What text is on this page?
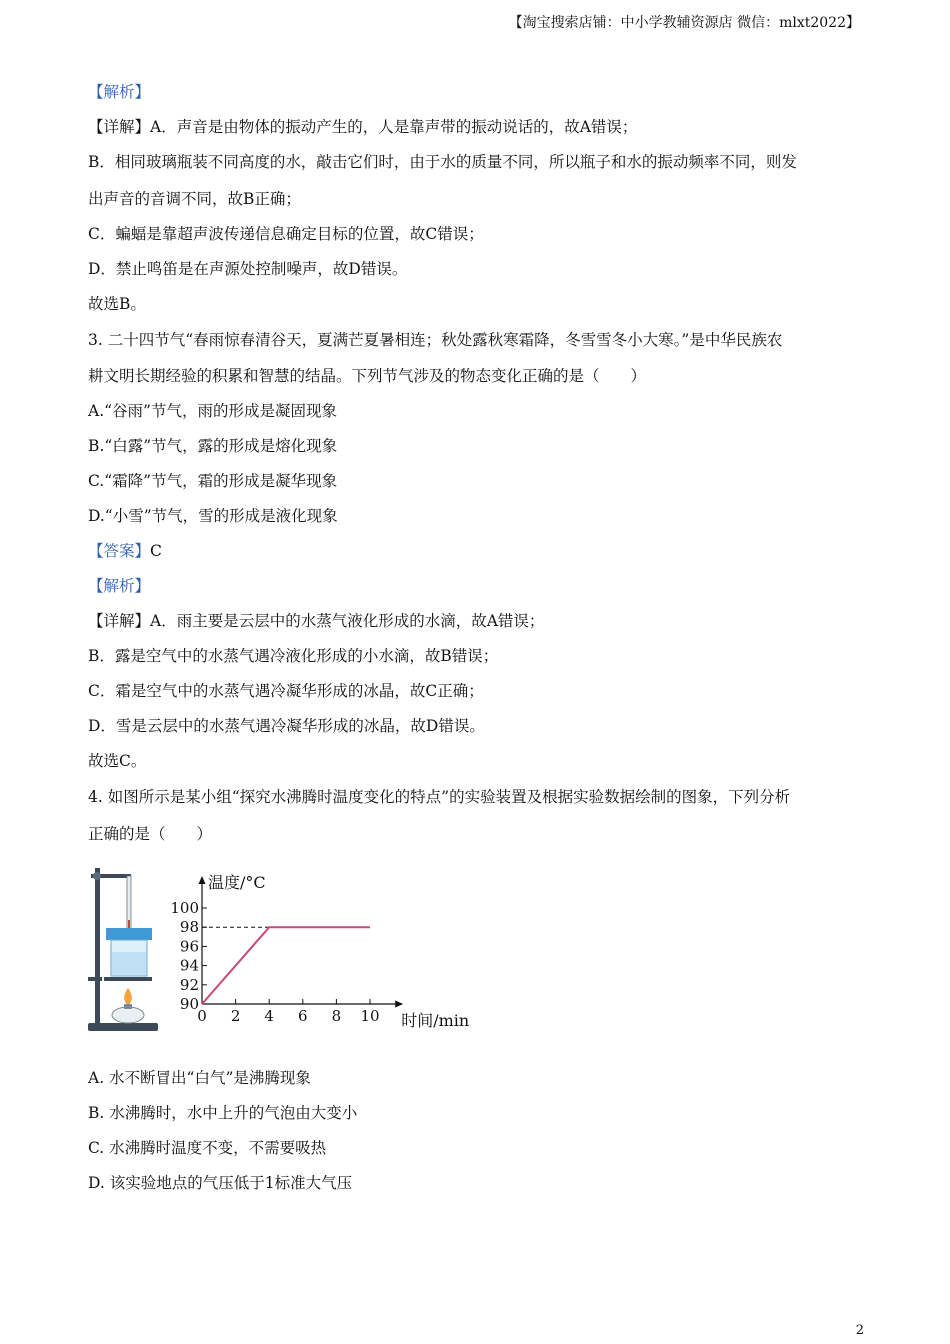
【淘宝搜索店铺：中小学教辅资源店 微信：mlxt2022】
【解析】
【详解】A．声音是由物体的振动产生的，人是靠声带的振动说话的，故A错误；
B．相同玻璃瓶装不同高度的水，敲击它们时，由于水的质量不同，所以瓶子和水的振动频率不同，则发
出声音的音调不同，故B正确；
C．蝙蝠是靠超声波传递信息确定目标的位置，故C错误；
D．禁止鸣笛是在声源处控制噪声，故D错误。
故选B。
3. 二十四节气“春雨惊春清谷天，夏满芒夏暑相连；秋处露秋寒霜降，冬雪雪冬小大寒。”是中华民族农
耕文明长期经验的积累和智慧的结晶。下列节气涉及的物态变化正确的是（　　）
A.“谷雨”节气，雨的形成是凝固现象
B.“白露”节气，露的形成是熔化现象
C.“霜降”节气，霜的形成是凝华现象
D.“小雪”节气，雪的形成是液化现象
【答案】C
【解析】
【详解】A．雨主要是云层中的水蒸气液化形成的水滴，故A错误；
B．露是空气中的水蒸气遇冷液化形成的小水滴，故B错误；
C．霜是空气中的水蒸气遇冷凝华形成的冰晶，故C正确；
D．雪是云层中的水蒸气遇冷凝华形成的冰晶，故D错误。
故选C。
4. 如图所示是某小组“探究水沸腾时温度变化的特点”的实验装置及根据实验数据绘制的图象，下列分析
正确的是（　　）
A. 水不断冒出“白气”是沸腾现象
B. 水沸腾时，水中上升的气泡由大变小
C. 水沸腾时温度不变，不需要吸热
D. 该实验地点的气压低于1标准大气压
0 2 4 6 8 10
90
92
94
96
98
100
温度/°C
时间/min
2
